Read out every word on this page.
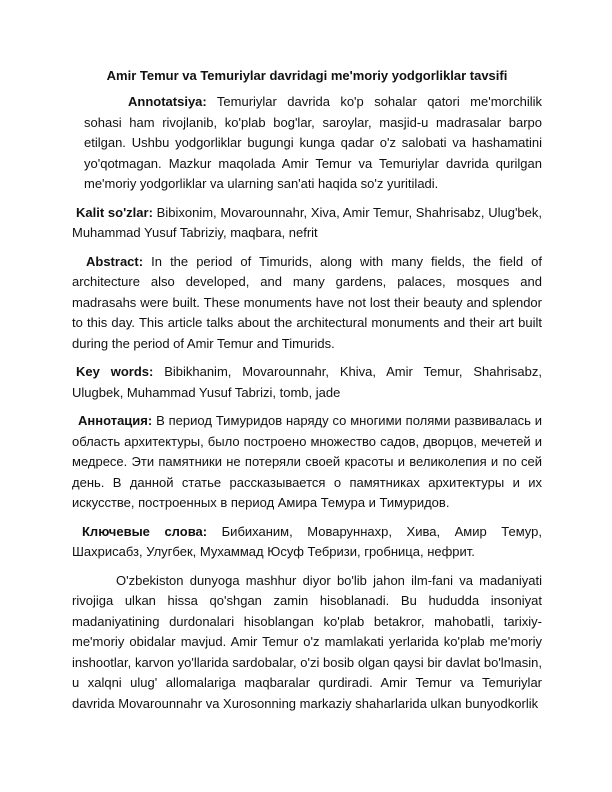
Amir Temur va Temuriylar davridagi me'moriy yodgorliklar tavsifi

Annotatsiya: Temuriylar davrida ko'p sohalar qatori me'morchilik sohasi ham rivojlanib, ko'plab bog'lar, saroylar, masjid-u madrasalar barpo etilgan. Ushbu yodgorliklar bugungi kunga qadar o'z salobati va hashamatini yo'qotmagan. Mazkur maqolada Amir Temur va Temuriylar davrida qurilgan me'moriy yodgorliklar va ularning san'ati haqida so'z yuritiladi.

Kalit so'zlar: Bibixonim, Movarounnahr, Xiva, Amir Temur, Shahrisabz, Ulug'bek, Muhammad Yusuf Tabriziy, maqbara, nefrit

Abstract: In the period of Timurids, along with many fields, the field of architecture also developed, and many gardens, palaces, mosques and madrasahs were built. These monuments have not lost their beauty and splendor to this day. This article talks about the architectural monuments and their art built during the period of Amir Temur and Timurids.

Key words: Bibikhanim, Movarounnahr, Khiva, Amir Temur, Shahrisabz, Ulugbek, Muhammad Yusuf Tabrizi, tomb, jade

Аннотация: В период Тимуридов наряду со многими полями развивалась и область архитектуры, было построено множество садов, дворцов, мечетей и медресе. Эти памятники не потеряли своей красоты и великолепия и по сей день. В данной статье рассказывается о памятниках архитектуры и их искусстве, построенных в период Амира Темура и Тимуридов.

Ключевые слова: Бибиханим, Моваруннахр, Хива, Амир Темур, Шахрисабз, Улугбек, Мухаммад Юсуф Тебризи, гробница, нефрит.

O'zbekiston dunyoga mashhur diyor bo'lib jahon ilm-fani va madaniyati rivojiga ulkan hissa qo'shgan zamin hisoblanadi. Bu hududda insoniyat madaniyatining durdonalari hisoblangan ko'plab betakror, mahobatli, tarixiy-me'moriy obidalar mavjud. Amir Temur o'z mamlakati yerlarida ko'plab me'moriy inshootlar, karvon yo'llarida sardobalar, o'zi bosib olgan qaysi bir davlat bo'lmasin, u xalqni ulug' allomalariga maqbaralar qurdiradi. Amir Temur va Temuriylar davrida Movarounnahr va Xurosonning markaziy shaharlarida ulkan bunyodkorlik
